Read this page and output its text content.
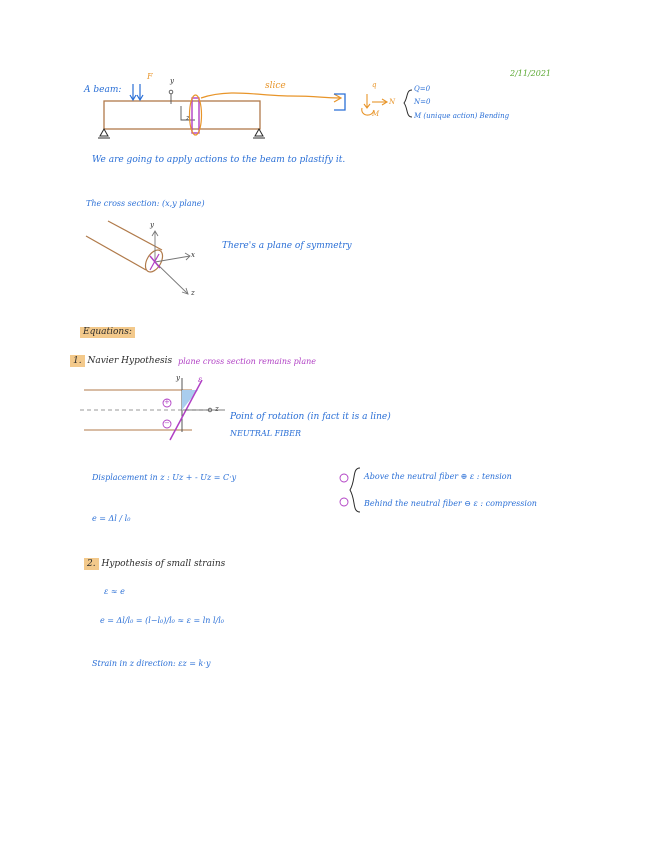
2/11/2021
A beam:
F y
z
slice	q
N
M
Q=0
N=0
M (unique action) Bending
We are going to apply actions to the beam to plastify it.
The cross section: (x,y plane)
y
x
z
There's a plane of symmetry
Equations:
1. Navier Hypothesis plane cross section remains plane
y
z
ε
+
−
Point of rotation (in fact it is a line)
NEUTRAL FIBER
Displacement in z : Uz + - Uz = C·y
e = Δl / l₀
Above the neutral fiber ⊕ ε : tension
Behind the neutral fiber ⊖ ε : compression
2. Hypothesis of small strains
ε ≈ e
e = Δl/l₀ = (l−l₀)/l₀ ≈ ε = ln l/l₀
Strain in z direction: εz = k·y
